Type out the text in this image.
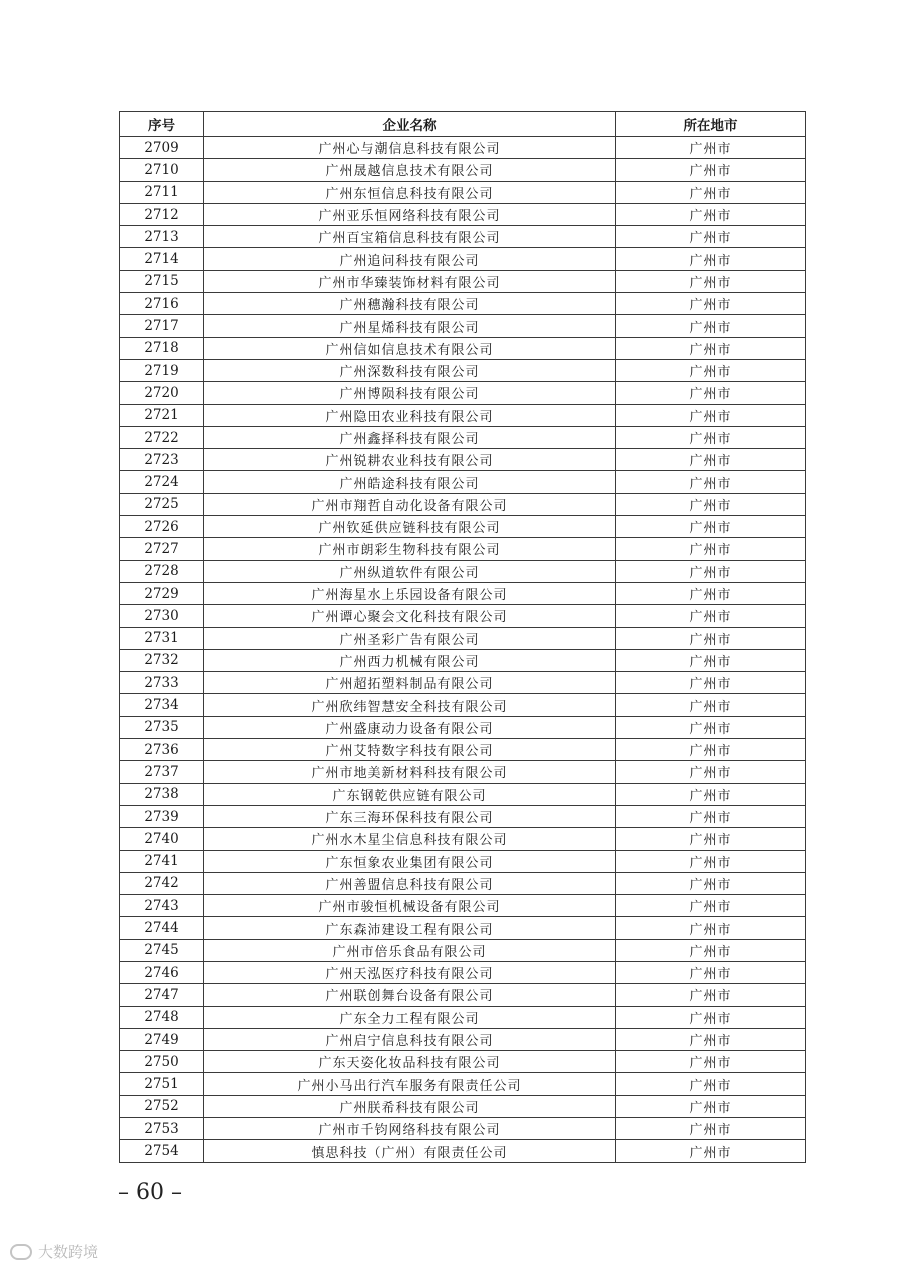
序号	企业名称	所在地市
2709	广州心与潮信息科技有限公司	广州市
2710	广州晟越信息技术有限公司	广州市
2711	广州东恒信息科技有限公司	广州市
2712	广州亚乐恒网络科技有限公司	广州市
2713	广州百宝箱信息科技有限公司	广州市
2714	广州追问科技有限公司	广州市
2715	广州市华臻装饰材料有限公司	广州市
2716	广州穗瀚科技有限公司	广州市
2717	广州星烯科技有限公司	广州市
2718	广州信如信息技术有限公司	广州市
2719	广州深数科技有限公司	广州市
2720	广州博陨科技有限公司	广州市
2721	广州隐田农业科技有限公司	广州市
2722	广州鑫择科技有限公司	广州市
2723	广州锐耕农业科技有限公司	广州市
2724	广州皓途科技有限公司	广州市
2725	广州市翔哲自动化设备有限公司	广州市
2726	广州钦延供应链科技有限公司	广州市
2727	广州市朗彩生物科技有限公司	广州市
2728	广州纵道软件有限公司	广州市
2729	广州海星水上乐园设备有限公司	广州市
2730	广州谭心聚会文化科技有限公司	广州市
2731	广州圣彩广告有限公司	广州市
2732	广州西力机械有限公司	广州市
2733	广州超拓塑料制品有限公司	广州市
2734	广州欣纬智慧安全科技有限公司	广州市
2735	广州盛康动力设备有限公司	广州市
2736	广州艾特数字科技有限公司	广州市
2737	广州市地美新材料科技有限公司	广州市
2738	广东钢乾供应链有限公司	广州市
2739	广东三海环保科技有限公司	广州市
2740	广州水木星尘信息科技有限公司	广州市
2741	广东恒象农业集团有限公司	广州市
2742	广州善盟信息科技有限公司	广州市
2743	广州市骏恒机械设备有限公司	广州市
2744	广东森沛建设工程有限公司	广州市
2745	广州市倍乐食品有限公司	广州市
2746	广州天泓医疗科技有限公司	广州市
2747	广州联创舞台设备有限公司	广州市
2748	广东全力工程有限公司	广州市
2749	广州启宁信息科技有限公司	广州市
2750	广东天姿化妆品科技有限公司	广州市
2751	广州小马出行汽车服务有限责任公司	广州市
2752	广州朕希科技有限公司	广州市
2753	广州市千钧网络科技有限公司	广州市
2754	慎思科技（广州）有限责任公司	广州市
– 60 –
大数跨境
